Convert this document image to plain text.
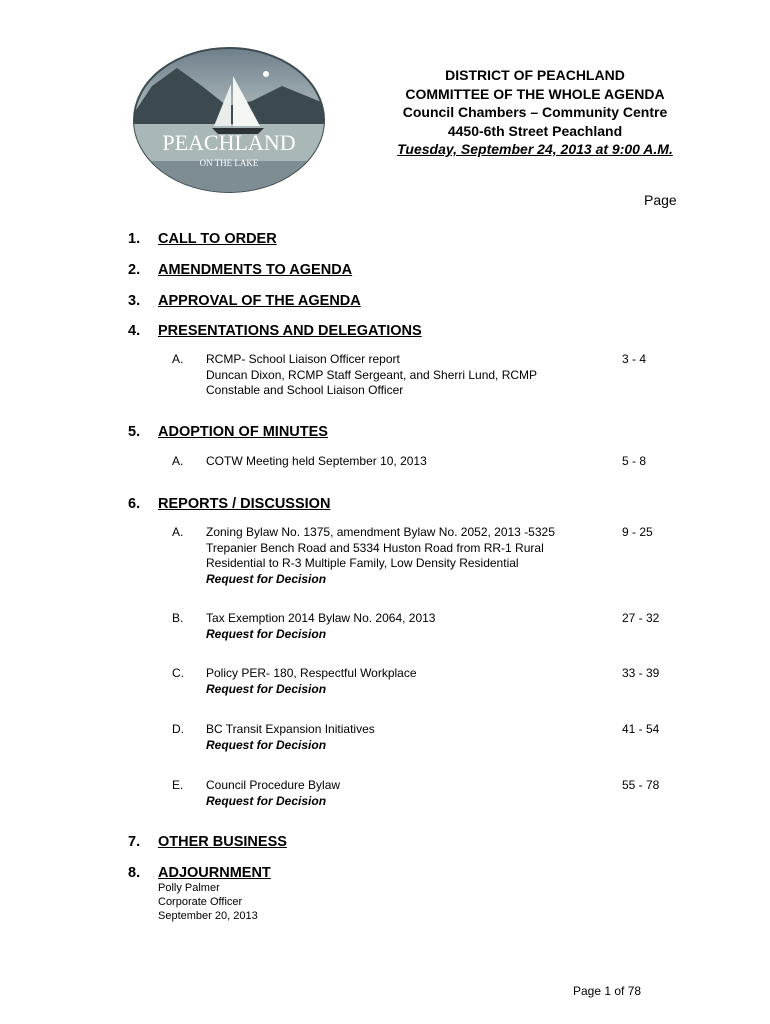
PEACHLAND
ON THE LAKE
DISTRICT OF PEACHLAND
COMMITTEE OF THE WHOLE AGENDA
Council Chambers – Community Centre
4450-6th Street Peachland
Tuesday, September 24, 2013 at 9:00 A.M.
Page
1. CALL TO ORDER
2. AMENDMENTS TO AGENDA
3. APPROVAL OF THE AGENDA
4. PRESENTATIONS AND DELEGATIONS
A. RCMP- School Liaison Officer report
Duncan Dixon, RCMP Staff Sergeant, and Sherri Lund, RCMP
Constable and School Liaison Officer
3 - 4
5. ADOPTION OF MINUTES
A. COTW Meeting held September 10, 2013	5 - 8
6. REPORTS / DISCUSSION
A. Zoning Bylaw No. 1375, amendment Bylaw No. 2052, 2013 -5325
Trepanier Bench Road and 5334 Huston Road from RR-1 Rural
Residential to R-3 Multiple Family, Low Density Residential
Request for Decision
9 - 25
B. Tax Exemption 2014 Bylaw No. 2064, 2013
Request for Decision
27 - 32
C. Policy PER- 180, Respectful Workplace
Request for Decision
33 - 39
D. BC Transit Expansion Initiatives
Request for Decision
41 - 54
E. Council Procedure Bylaw
Request for Decision
55 - 78
7. OTHER BUSINESS
8. ADJOURNMENT
Polly Palmer
Corporate Officer
September 20, 2013
Page 1 of 78
